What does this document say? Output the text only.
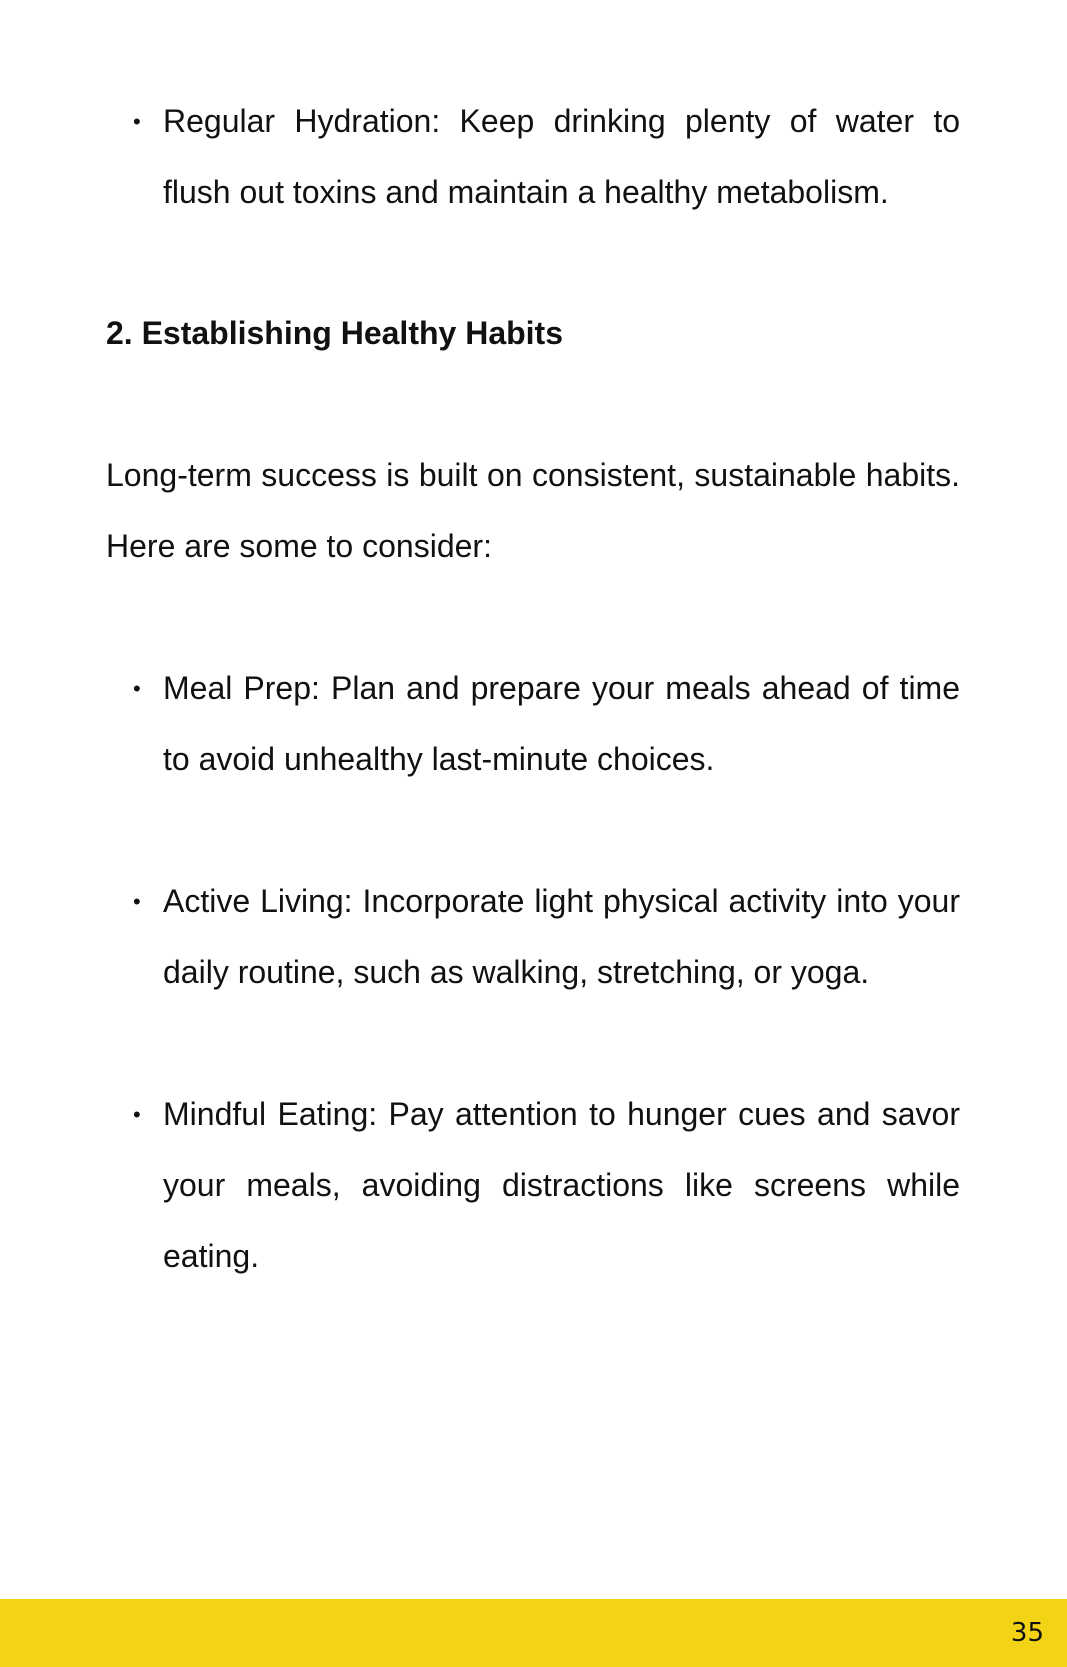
• Regular Hydration: Keep drinking plenty of water to flush out toxins and maintain a healthy metabolism.
2. Establishing Healthy Habits

Long-term success is built on consistent, sustainable habits. Here are some to consider:

• Meal Prep: Plan and prepare your meals ahead of time to avoid unhealthy last-minute choices.
• Active Living: Incorporate light physical activity into your daily routine, such as walking, stretching, or yoga.
• Mindful Eating: Pay attention to hunger cues and savor your meals, avoiding distractions like screens while eating.
35
